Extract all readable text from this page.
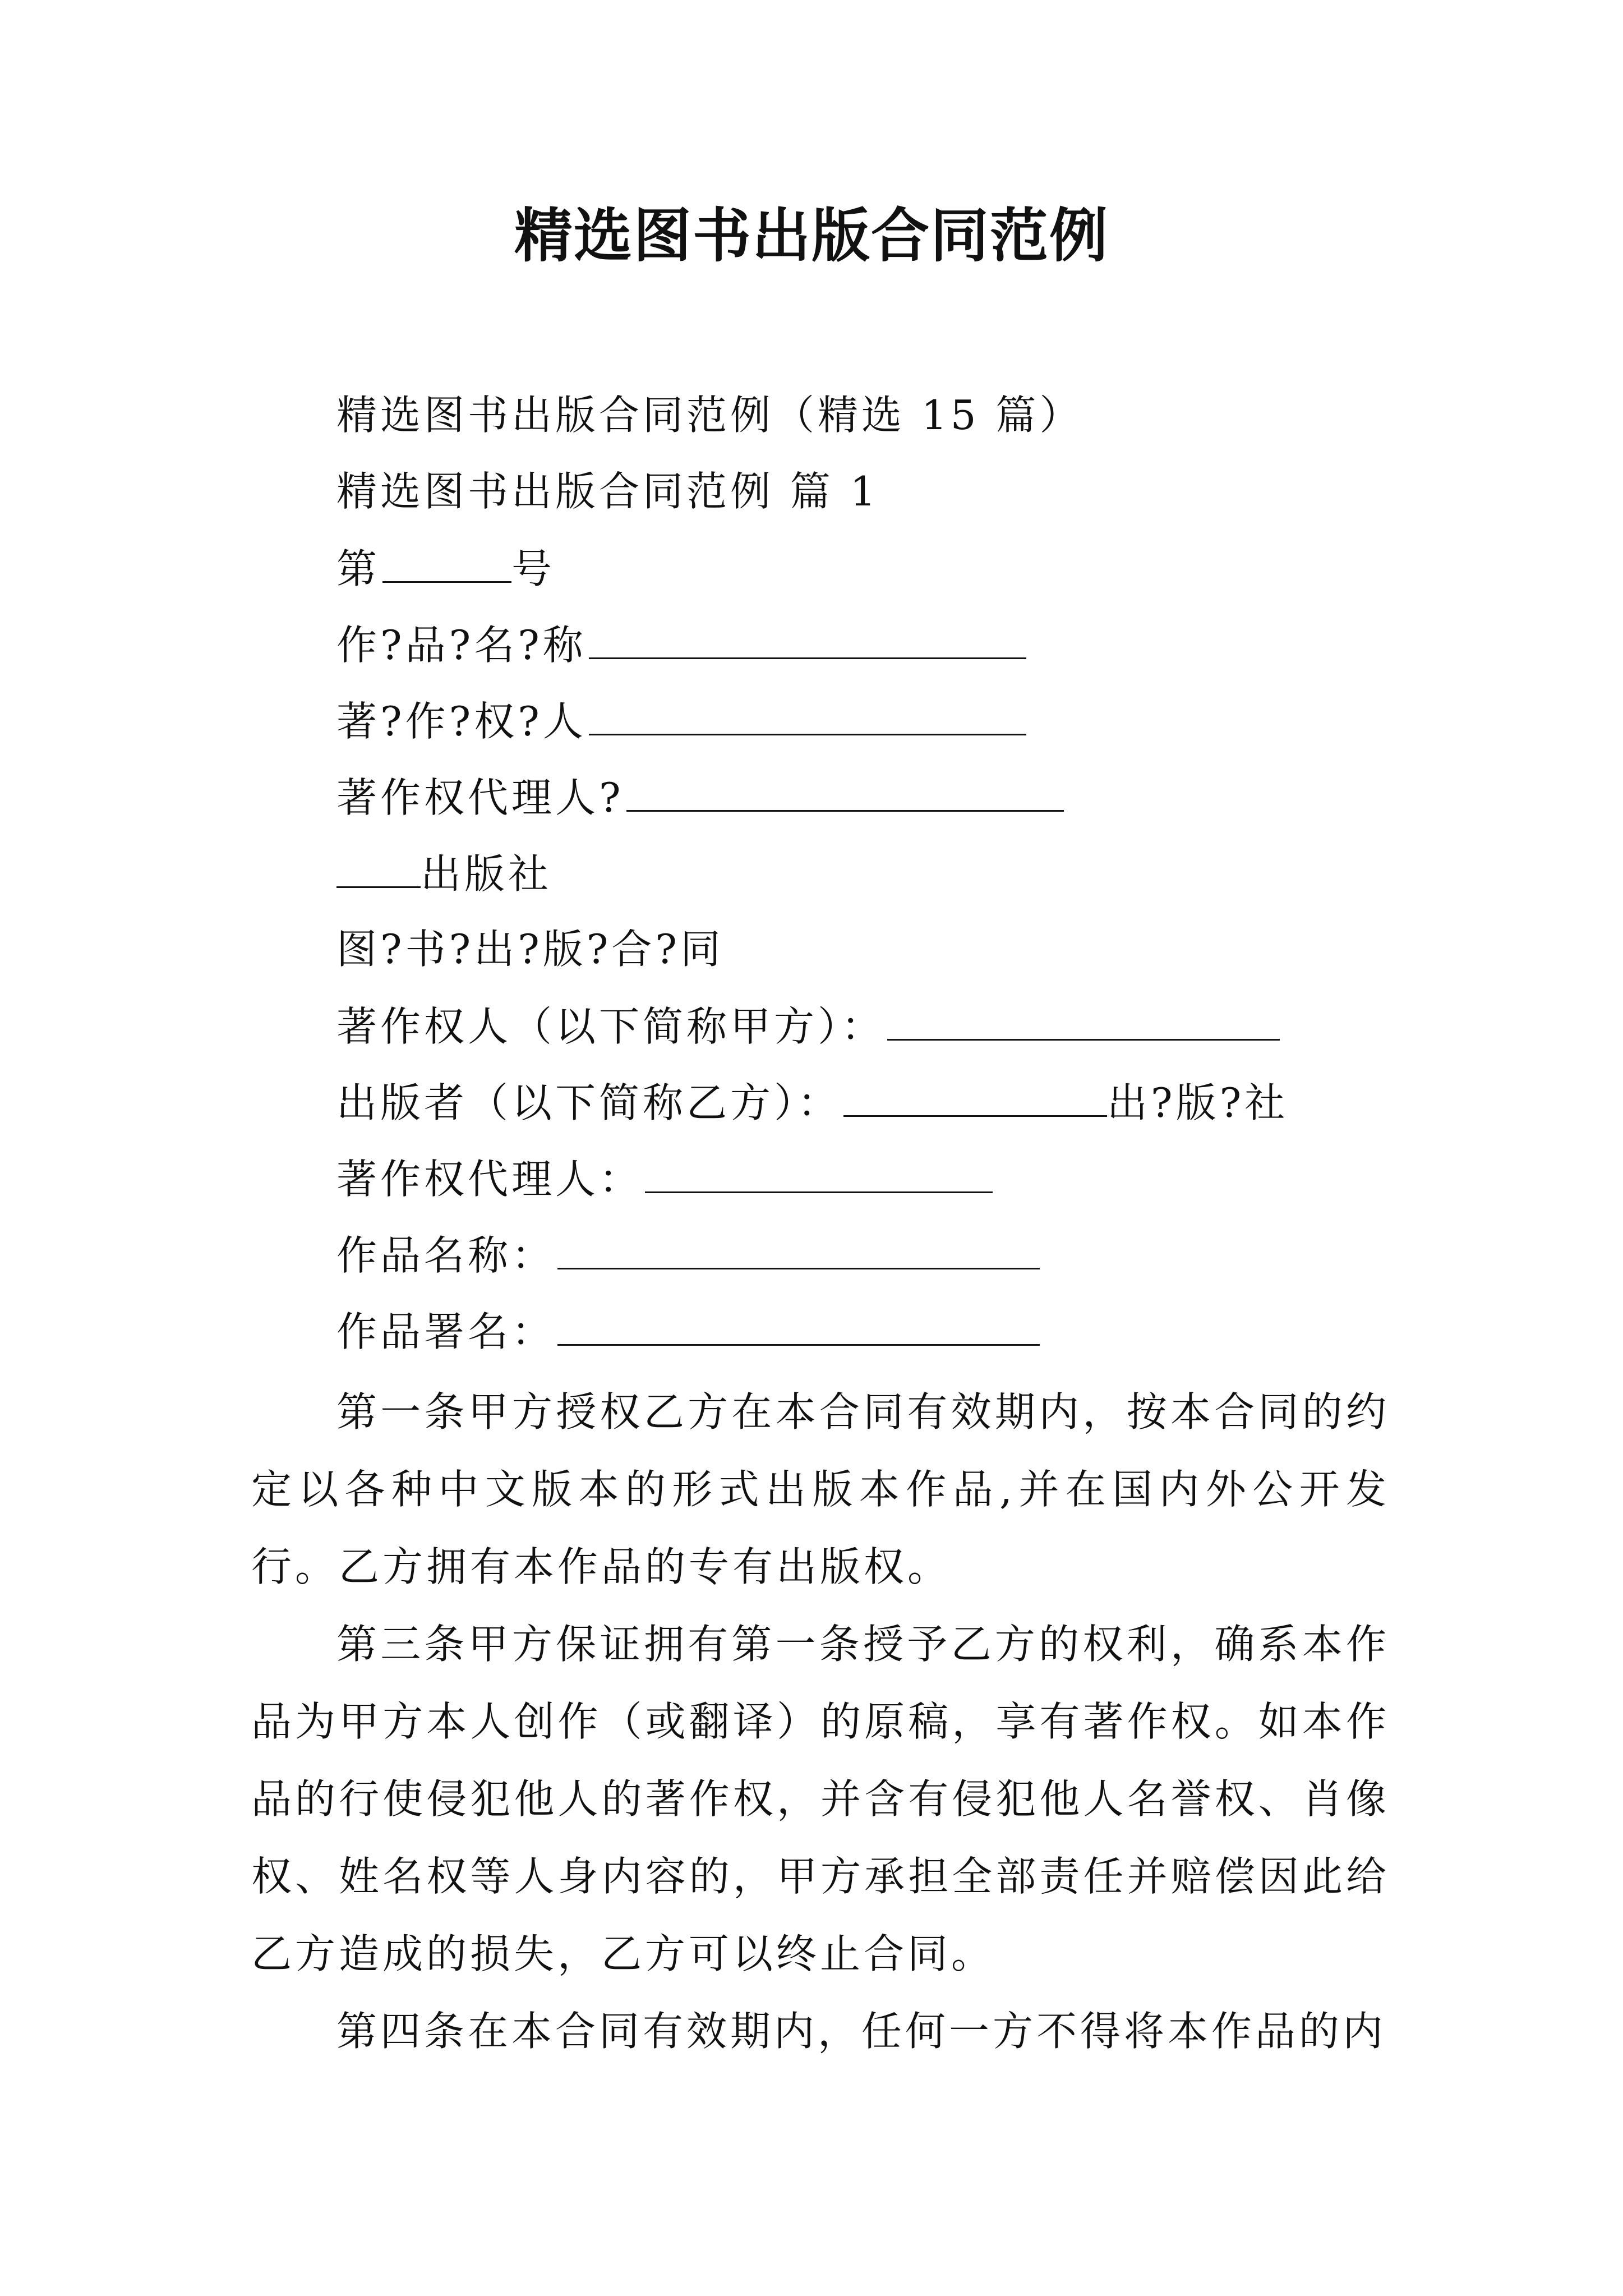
精选图书出版合同范例
精选图书出版合同范例（精选 15 篇）
精选图书出版合同范例 篇 1
第	号
作?品?名?称
著?作?权?人
著作权代理人?
出版社
图?书?出?版?合?同
著作权人（以下简称甲方）：
出版者（以下简称乙方）：	出?版?社
著作权代理人：
作品名称：
作品署名：
第一条甲方授权乙方在本合同有效期内，按本合同的约定以各种中文版本的形式出版本作品,并在国内外公开发行。乙方拥有本作品的专有出版权。
第三条甲方保证拥有第一条授予乙方的权利，确系本作品为甲方本人创作（或翻译）的原稿，享有著作权。如本作品的行使侵犯他人的著作权，并含有侵犯他人名誉权、肖像权、姓名权等人身内容的，甲方承担全部责任并赔偿因此给乙方造成的损失，乙方可以终止合同。
第四条在本合同有效期内，任何一方不得将本作品的内
